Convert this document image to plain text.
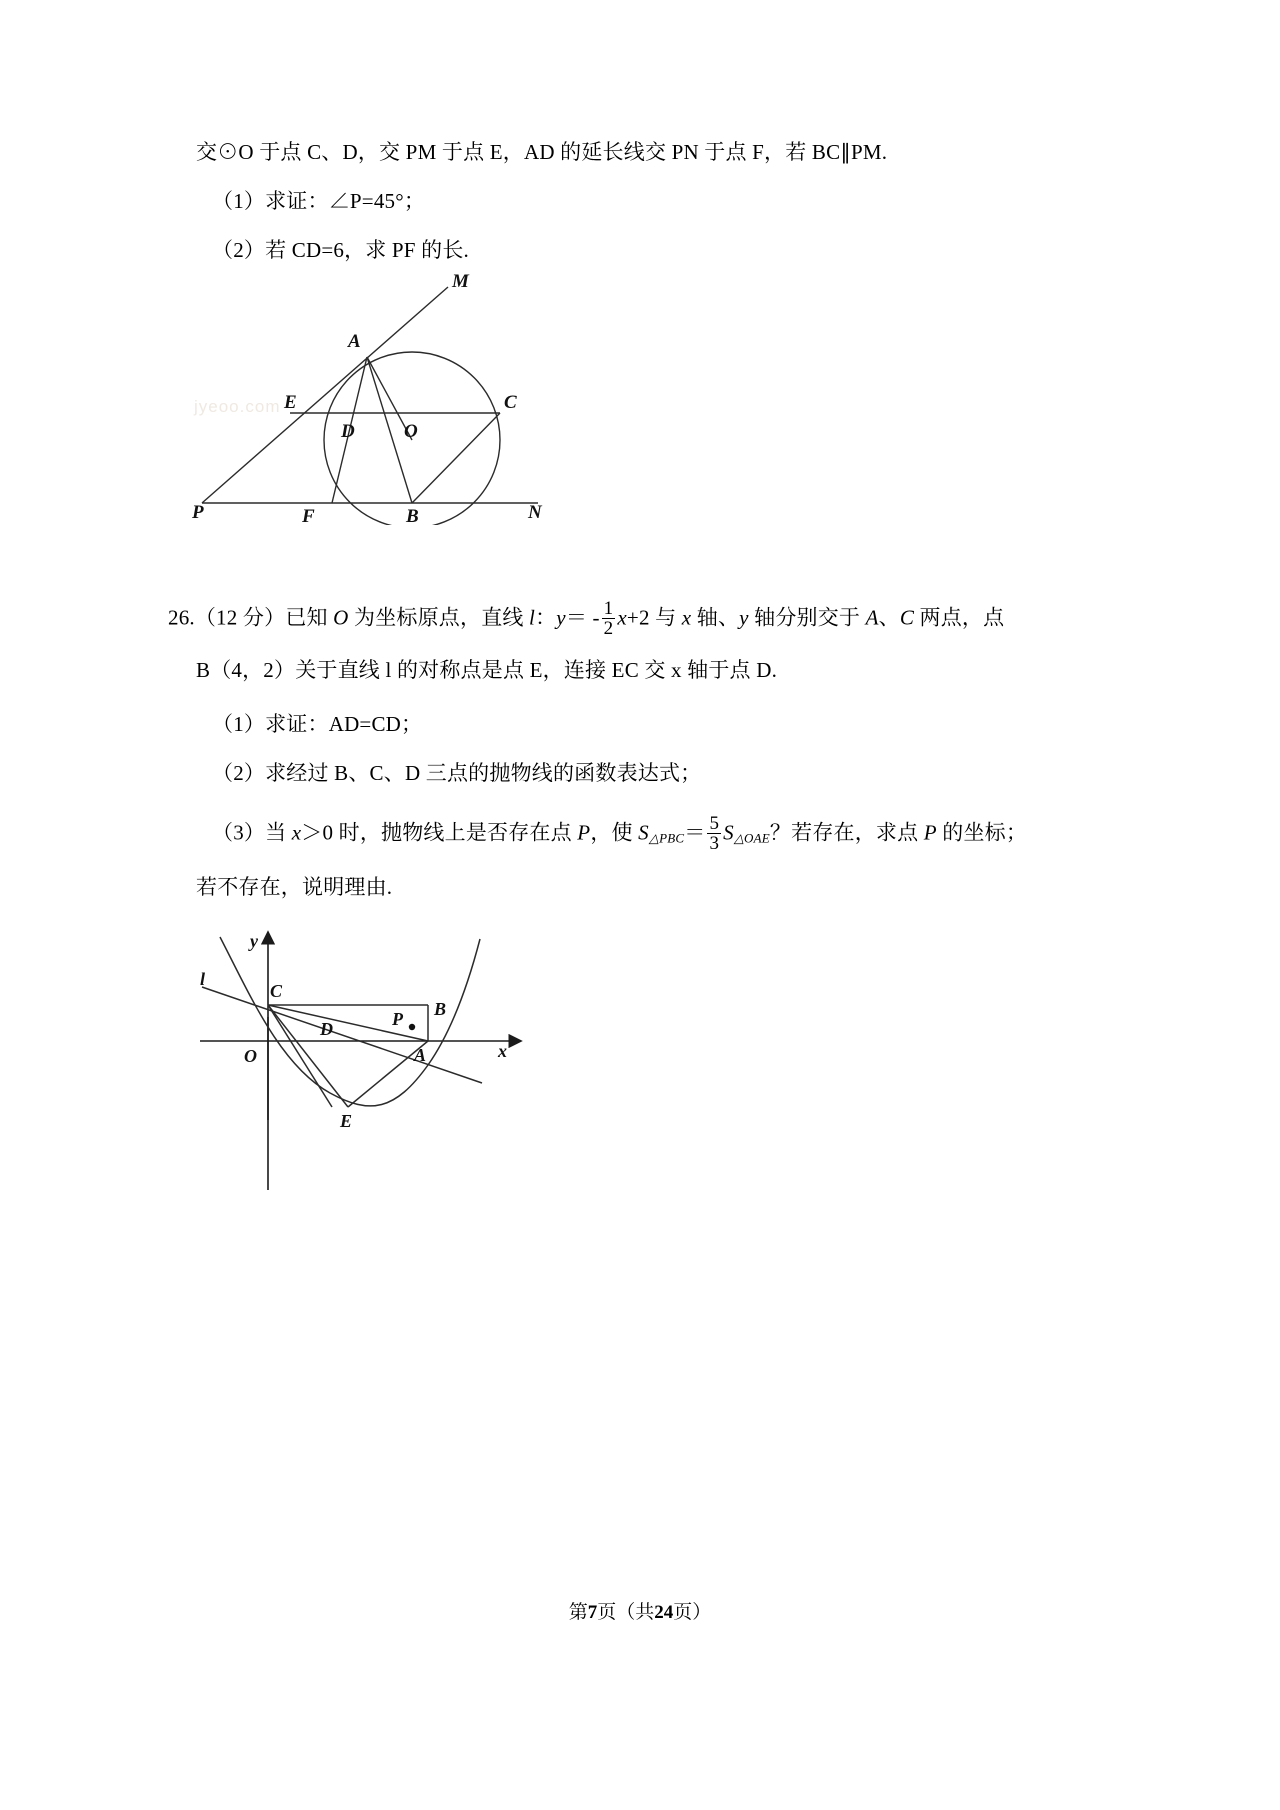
交⊙O 于点 C、D，交 PM 于点 E，AD 的延长线交 PN 于点 F，若 BC∥PM.
（1）求证：∠P=45°；
（2）若 CD=6，求 PF 的长.
M
A
E
D	O
C
P	F	B	N
jyeoo.com
26.（12 分）已知 O 为坐标原点，直线 l：$y= - \frac{1}{2} x+2$ 与 x 轴、y 轴分别交于 A、C 两点，点
B（4，2）关于直线 l 的对称点是点 E，连接 EC 交 x 轴于点 D.
（1）求证：AD=CD；
（2）求经过 B、C、D 三点的抛物线的函数表达式；
（3）当 x＞0 时，抛物线上是否存在点 P，使 $S_{\triangle PBC}= \frac{5}{3} S_{\triangle OAE}$？若存在，求点 P 的坐标；
若不存在，说明理由.
y
x
O
l
C
B
P
D
A
E
第7页（共24页）
